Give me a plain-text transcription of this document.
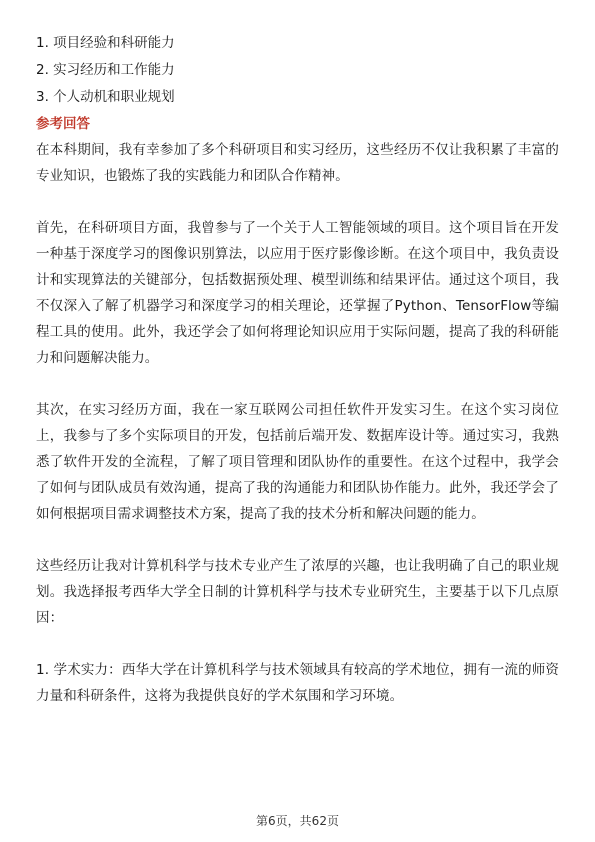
1. 项目经验和科研能力
2. 实习经历和工作能力
3. 个人动机和职业规划
参考回答

在本科期间，我有幸参加了多个科研项目和实习经历，这些经历不仅让我积累了丰富的专业知识，也锻炼了我的实践能力和团队合作精神。

首先，在科研项目方面，我曾参与了一个关于人工智能领域的项目。这个项目旨在开发一种基于深度学习的图像识别算法，以应用于医疗影像诊断。在这个项目中，我负责设计和实现算法的关键部分，包括数据预处理、模型训练和结果评估。通过这个项目，我不仅深入了解了机器学习和深度学习的相关理论，还掌握了Python、TensorFlow等编程工具的使用。此外，我还学会了如何将理论知识应用于实际问题，提高了我的科研能力和问题解决能力。

其次，在实习经历方面，我在一家互联网公司担任软件开发实习生。在这个实习岗位上，我参与了多个实际项目的开发，包括前后端开发、数据库设计等。通过实习，我熟悉了软件开发的全流程，了解了项目管理和团队协作的重要性。在这个过程中，我学会了如何与团队成员有效沟通，提高了我的沟通能力和团队协作能力。此外，我还学会了如何根据项目需求调整技术方案，提高了我的技术分析和解决问题的能力。

这些经历让我对计算机科学与技术专业产生了浓厚的兴趣，也让我明确了自己的职业规划。我选择报考西华大学全日制的计算机科学与技术专业研究生，主要基于以下几点原因：

1. 学术实力：西华大学在计算机科学与技术领域具有较高的学术地位，拥有一流的师资力量和科研条件，这将为我提供良好的学术氛围和学习环境。

第6页，共62页
